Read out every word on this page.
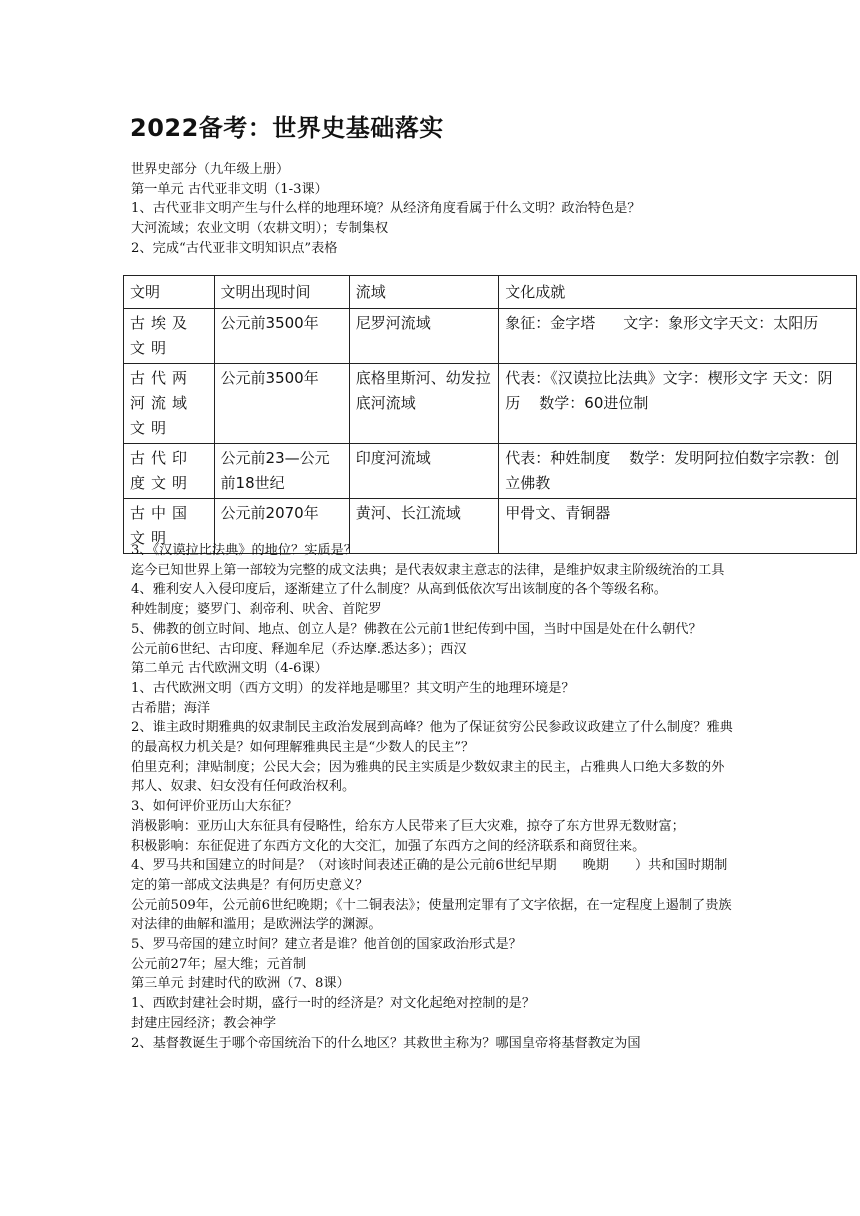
2022备考：世界史基础落实

世界史部分（九年级上册）

第一单元 古代亚非文明（1-3课）

1、古代亚非文明产生与什么样的地理环境？从经济角度看属于什么文明？政治特色是？

大河流域；农业文明（农耕文明）；专制集权

2、完成“古代亚非文明知识点”表格

文明	文明出现时间	流域	文化成就
古埃及文明	公元前3500年	尼罗河流域	象征：金字塔 文字：象形文字天文：太阳历
古代两河流域文明	公元前3500年	底格里斯河、幼发拉底河流域	代表：《汉谟拉比法典》文字：楔形文字 天文：阴历 数学：60进位制
古代印度文明	公元前23—公元前18世纪	印度河流域	代表：种姓制度 数学：发明阿拉伯数字宗教：创立佛教
古中国文明	公元前2070年	黄河、长江流域	甲骨文、青铜器

3、《汉谟拉比法典》的地位？实质是？

迄今已知世界上第一部较为完整的成文法典；是代表奴隶主意志的法律，是维护奴隶主阶级统治的工具

4、雅利安人入侵印度后，逐渐建立了什么制度？从高到低依次写出该制度的各个等级名称。

种姓制度；婆罗门、刹帝利、吠舍、首陀罗

5、佛教的创立时间、地点、创立人是？佛教在公元前1世纪传到中国，当时中国是处在什么朝代？

公元前6世纪、古印度、释迦牟尼（乔达摩.悉达多）；西汉

第二单元 古代欧洲文明（4-6课）

1、古代欧洲文明（西方文明）的发祥地是哪里？其文明产生的地理环境是？

古希腊；海洋

2、谁主政时期雅典的奴隶制民主政治发展到高峰？他为了保证贫穷公民参政议政建立了什么制度？雅典的最高权力机关是？如何理解雅典民主是“少数人的民主”？

伯里克利；津贴制度；公民大会；因为雅典的民主实质是少数奴隶主的民主，占雅典人口绝大多数的外邦人、奴隶、妇女没有任何政治权利。

3、如何评价亚历山大东征？

消极影响：亚历山大东征具有侵略性，给东方人民带来了巨大灾难，掠夺了东方世界无数财富；

积极影响：东征促进了东西方文化的大交汇，加强了东西方之间的经济联系和商贸往来。

4、罗马共和国建立的时间是？（对该时间表述正确的是公元前6世纪早期 晚期 ）共和国时期制定的第一部成文法典是？有何历史意义？

公元前509年，公元前6世纪晚期；《十二铜表法》；使量刑定罪有了文字依据，在一定程度上遏制了贵族对法律的曲解和滥用；是欧洲法学的渊源。

5、罗马帝国的建立时间？建立者是谁？他首创的国家政治形式是？

公元前27年；屋大维；元首制

第三单元 封建时代的欧洲（7、8课）

1、西欧封建社会时期，盛行一时的经济是？对文化起绝对控制的是？

封建庄园经济；教会神学

2、基督教诞生于哪个帝国统治下的什么地区？其救世主称为？哪国皇帝将基督教定为国
